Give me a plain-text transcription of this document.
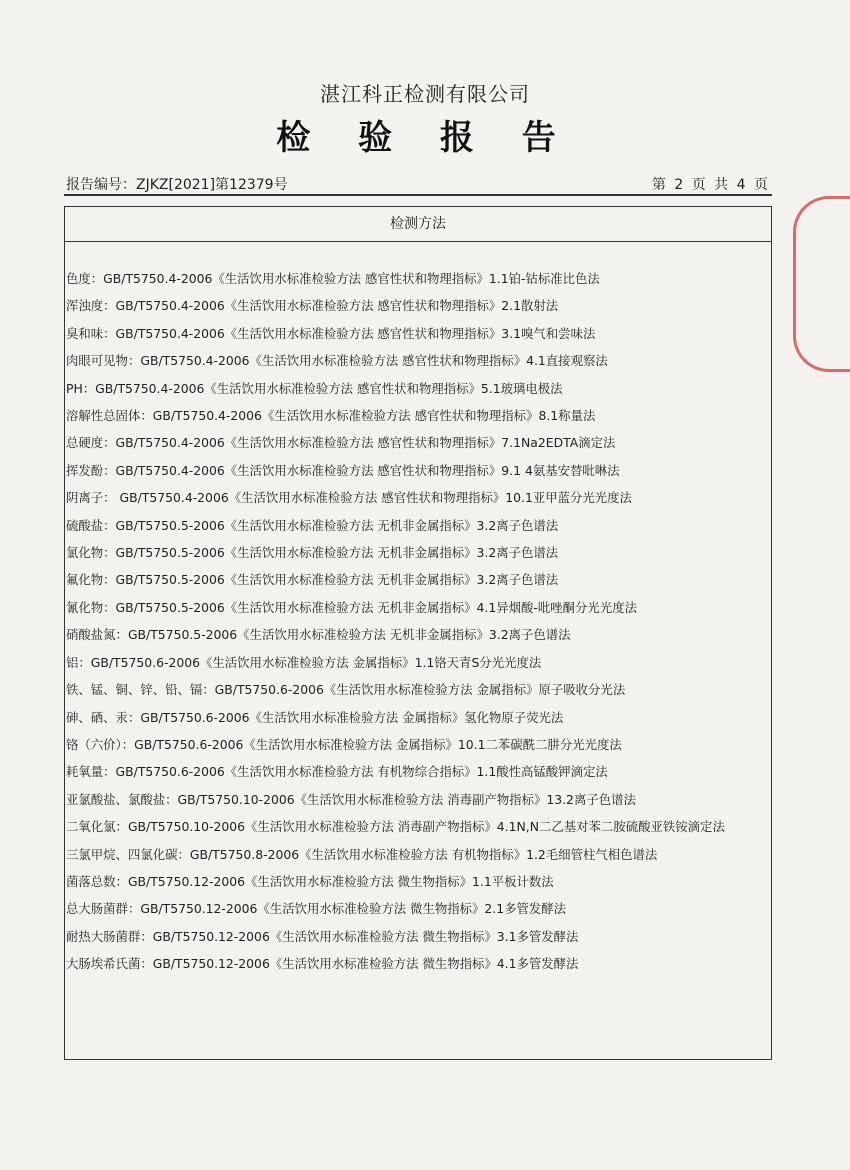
湛江科正检测有限公司
检 验 报 告
报告编号：ZJKZ[2021]第12379号	第 2 页 共 4 页
检测方法
色度：GB/T5750.4-2006《生活饮用水标准检验方法 感官性状和物理指标》1.1铂-钴标准比色法
浑浊度：GB/T5750.4-2006《生活饮用水标准检验方法 感官性状和物理指标》2.1散射法
臭和味：GB/T5750.4-2006《生活饮用水标准检验方法 感官性状和物理指标》3.1嗅气和尝味法
肉眼可见物：GB/T5750.4-2006《生活饮用水标准检验方法 感官性状和物理指标》4.1直接观察法
PH：GB/T5750.4-2006《生活饮用水标准检验方法 感官性状和物理指标》5.1玻璃电极法
溶解性总固体：GB/T5750.4-2006《生活饮用水标准检验方法 感官性状和物理指标》8.1称量法
总硬度：GB/T5750.4-2006《生活饮用水标准检验方法 感官性状和物理指标》7.1Na2EDTA滴定法
挥发酚：GB/T5750.4-2006《生活饮用水标准检验方法 感官性状和物理指标》9.1 4氨基安替吡啉法
阴离子： GB/T5750.4-2006《生活饮用水标准检验方法 感官性状和物理指标》10.1亚甲蓝分光光度法
硫酸盐：GB/T5750.5-2006《生活饮用水标准检验方法 无机非金属指标》3.2离子色谱法
氯化物：GB/T5750.5-2006《生活饮用水标准检验方法 无机非金属指标》3.2离子色谱法
氟化物：GB/T5750.5-2006《生活饮用水标准检验方法 无机非金属指标》3.2离子色谱法
氰化物：GB/T5750.5-2006《生活饮用水标准检验方法 无机非金属指标》4.1异烟酸-吡唑酮分光光度法
硝酸盐氮：GB/T5750.5-2006《生活饮用水标准检验方法 无机非金属指标》3.2离子色谱法
铝：GB/T5750.6-2006《生活饮用水标准检验方法 金属指标》1.1铬天青S分光光度法
铁、锰、铜、锌、铅、镉：GB/T5750.6-2006《生活饮用水标准检验方法 金属指标》原子吸收分光法
砷、硒、汞：GB/T5750.6-2006《生活饮用水标准检验方法 金属指标》氢化物原子荧光法
铬（六价）：GB/T5750.6-2006《生活饮用水标准检验方法 金属指标》10.1二苯碳酰二肼分光光度法
耗氧量：GB/T5750.6-2006《生活饮用水标准检验方法 有机物综合指标》1.1酸性高锰酸钾滴定法
亚氯酸盐、氯酸盐：GB/T5750.10-2006《生活饮用水标准检验方法 消毒副产物指标》13.2离子色谱法
二氧化氯：GB/T5750.10-2006《生活饮用水标准检验方法 消毒副产物指标》4.1N,N二乙基对苯二胺硫酸亚铁铵滴定法
三氯甲烷、四氯化碳：GB/T5750.8-2006《生活饮用水标准检验方法 有机物指标》1.2毛细管柱气相色谱法
菌落总数：GB/T5750.12-2006《生活饮用水标准检验方法 微生物指标》1.1平板计数法
总大肠菌群：GB/T5750.12-2006《生活饮用水标准检验方法 微生物指标》2.1多管发酵法
耐热大肠菌群：GB/T5750.12-2006《生活饮用水标准检验方法 微生物指标》3.1多管发酵法
大肠埃希氏菌：GB/T5750.12-2006《生活饮用水标准检验方法 微生物指标》4.1多管发酵法
